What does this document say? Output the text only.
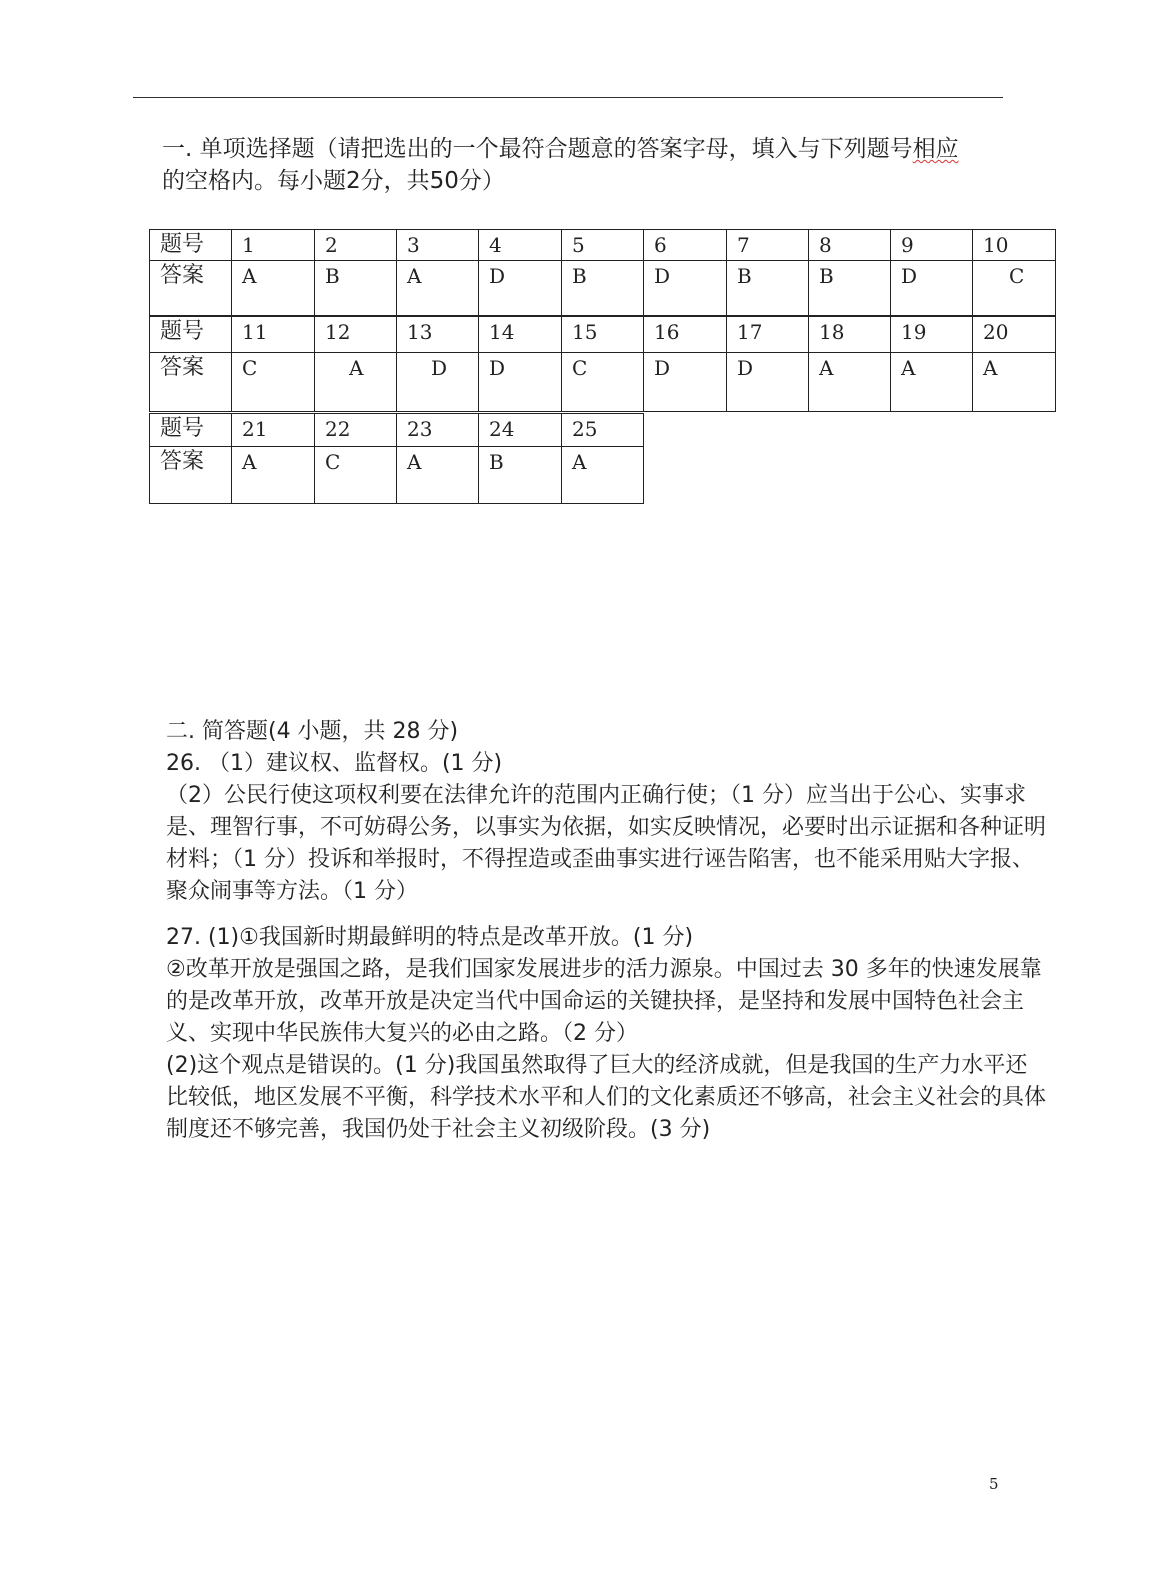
一. 单项选择题（请把选出的一个最符合题意的答案字母，填入与下列题号相应
的空格内。每小题2分，共50分）
题号	1	2	3	4	5	6	7	8	9	10
答案	A	B	A	D	B	D	B	B	D	C
题号	11	12	13	14	15	16	17	18	19	20
答案	C	A	D	D	C	D	D	A	A	A
题号	21	22	23	24	25
答案	A	C	A	B	A

二. 简答题(4 小题，共 28 分)

26. （1）建议权、监督权。(1 分)

（2）公民行使这项权利要在法律允许的范围内正确行使；（1 分）应当出于公心、实事求是、理智行事，不可妨碍公务，以事实为依据，如实反映情况，必要时出示证据和各种证明材料；（1 分）投诉和举报时，不得捏造或歪曲事实进行诬告陷害，也不能采用贴大字报、聚众闹事等方法。（1 分）

27. (1)①我国新时期最鲜明的特点是改革开放。(1 分)

②改革开放是强国之路，是我们国家发展进步的活力源泉。中国过去 30 多年的快速发展靠的是改革开放，改革开放是决定当代中国命运的关键抉择，是坚持和发展中国特色社会主义、实现中华民族伟大复兴的必由之路。（2 分）

(2)这个观点是错误的。(1 分)我国虽然取得了巨大的经济成就，但是我国的生产力水平还比较低，地区发展不平衡，科学技术水平和人们的文化素质还不够高，社会主义社会的具体制度还不够完善，我国仍处于社会主义初级阶段。(3 分)

5
